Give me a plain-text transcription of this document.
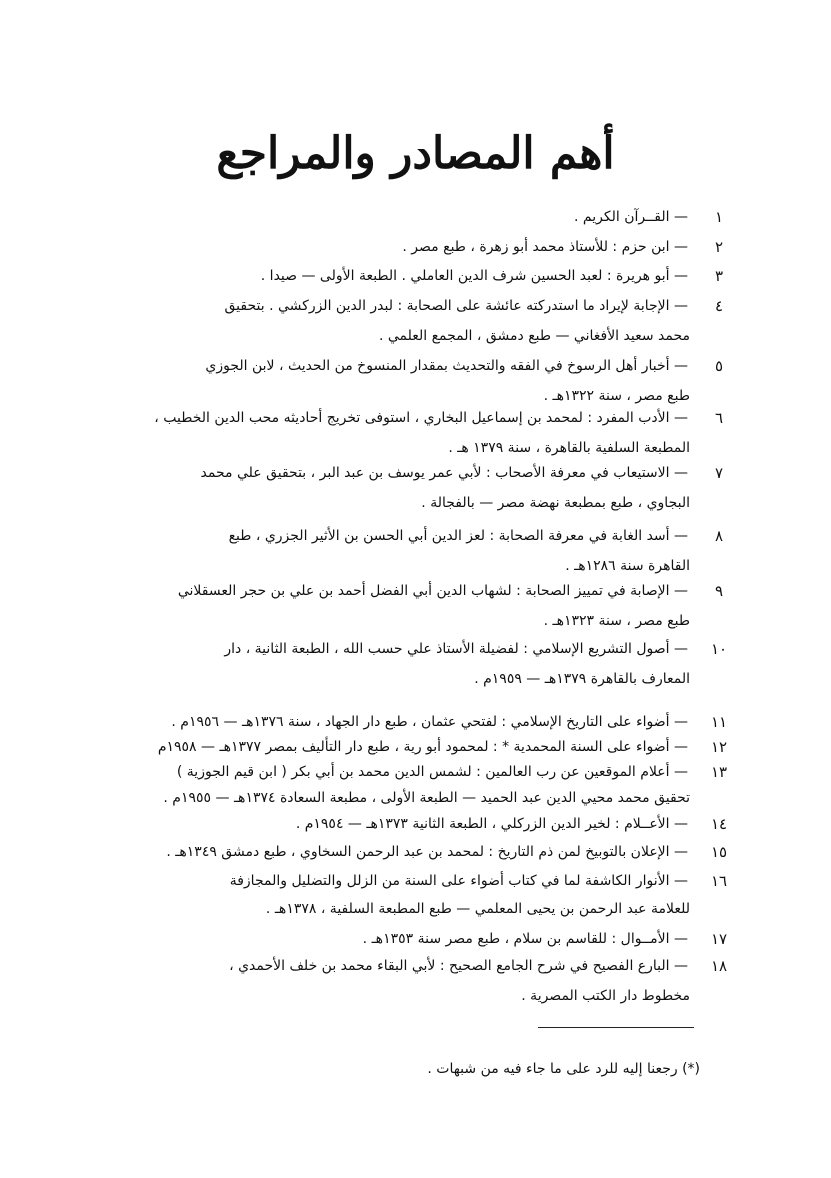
أهم المصادر والمراجع
١
— القــرآن الكريم .
٢
— ابن حزم : للأستاذ محمد أبو زهرة ، طبع مصر .
٣
— أبو هريرة : لعبد الحسين شرف الدين العاملي . الطبعة الأولى — صيدا .
٤
— الإجابة لإيراد ما استدركته عائشة على الصحابة : لبدر الدين الزركشي . بتحقيق
محمد سعيد الأفغاني — طبع دمشق ، المجمع العلمي .
٥
— أخبار أهل الرسوخ في الفقه والتحديث بمقدار المنسوخ من الحديث ، لابن الجوزي
طبع مصر ، سنة ١٣٢٢هـ .
٦
— الأدب المفرد : لمحمد بن إسماعيل البخاري ، استوفى تخريج أحاديثه محب الدين الخطيب ،
المطبعة السلفية بالقاهرة ، سنة ١٣٧٩ هـ .
٧
— الاستيعاب في معرفة الأصحاب : لأبي عمر يوسف بن عبد البر ، بتحقيق علي محمد
البجاوي ، طبع بمطبعة نهضة مصر — بالفجالة .
٨
— أسد الغابة في معرفة الصحابة : لعز الدين أبي الحسن بن الأثير الجزري ، طبع
القاهرة سنة ١٢٨٦هـ .
٩
— الإصابة في تمييز الصحابة : لشهاب الدين أبي الفضل أحمد بن علي بن حجر العسقلاني
طبع مصر ، سنة ١٣٢٣هـ .
١٠
— أصول التشريع الإسلامي : لفضيلة الأستاذ علي حسب الله ، الطبعة الثانية ، دار
المعارف بالقاهرة ١٣٧٩هـ — ١٩٥٩م .
١١
— أضواء على التاريخ الإسلامي : لفتحي عثمان ، طبع دار الجهاد ، سنة ١٣٧٦هـ — ١٩٥٦م .
١٢
— أضواء على السنة المحمدية * : لمحمود أبو رية ، طبع دار التأليف بمصر ١٣٧٧هـ — ١٩٥٨م
١٣
— أعلام الموقعين عن رب العالمين : لشمس الدين محمد بن أبي بكر ( ابن قيم الجوزية )
تحقيق محمد محيي الدين عبد الحميد — الطبعة الأولى ، مطبعة السعادة ١٣٧٤هـ — ١٩٥٥م .
١٤
— الأعــلام : لخير الدين الزركلي ، الطبعة الثانية ١٣٧٣هـ — ١٩٥٤م .
١٥
— الإعلان بالتوبيخ لمن ذم التاريخ : لمحمد بن عبد الرحمن السخاوي ، طبع دمشق ١٣٤٩هـ .
١٦
— الأنوار الكاشفة لما في كتاب أضواء على السنة من الزلل والتضليل والمجازفة
للعلامة عبد الرحمن بن يحيى المعلمي — طبع المطبعة السلفية ، ١٣٧٨هـ .
١٧
— الأمــوال : للقاسم بن سلام ، طبع مصر سنة ١٣٥٣هـ .
١٨
— البارع الفصيح في شرح الجامع الصحيح : لأبي البقاء محمد بن خلف الأحمدي ،
مخطوط دار الكتب المصرية .
(*) رجعنا إليه للرد على ما جاء فيه من شبهات .
